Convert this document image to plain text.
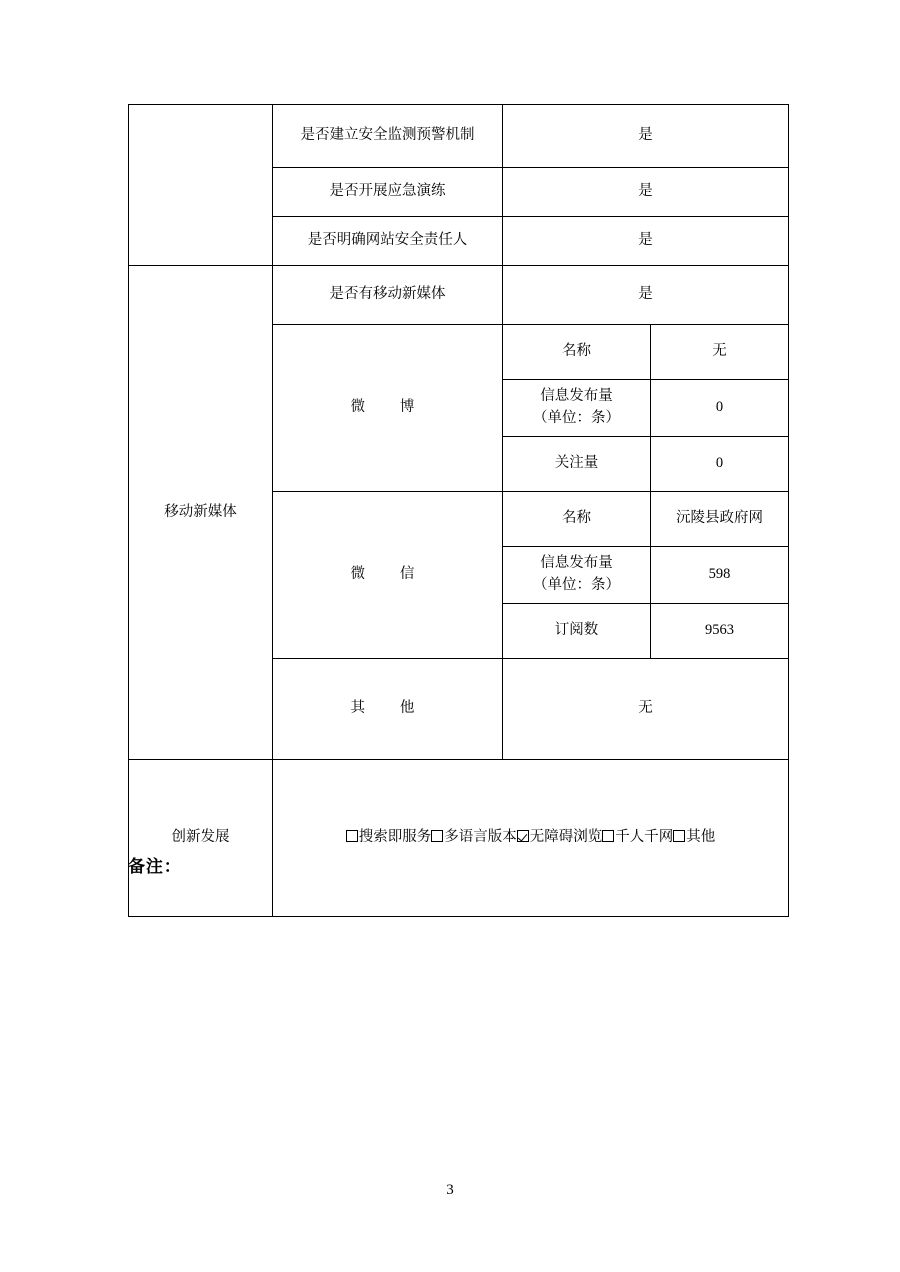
	是否建立安全监测预警机制	是	
	是否开展应急演练	是	
	是否明确网站安全责任人	是	
移动新媒体	是否有移动新媒体	是	
	微　博	名称	无

		信息发布量
（单位：条）	0
		关注量	0
	微　信	名称	沅陵县政府网

		信息发布量
（单位：条）	598
		订阅数	9563
	其　他	无	
创新发展	搜索即服务 多语言版本 无障碍浏览 千人千网 其他		
备注：
3
